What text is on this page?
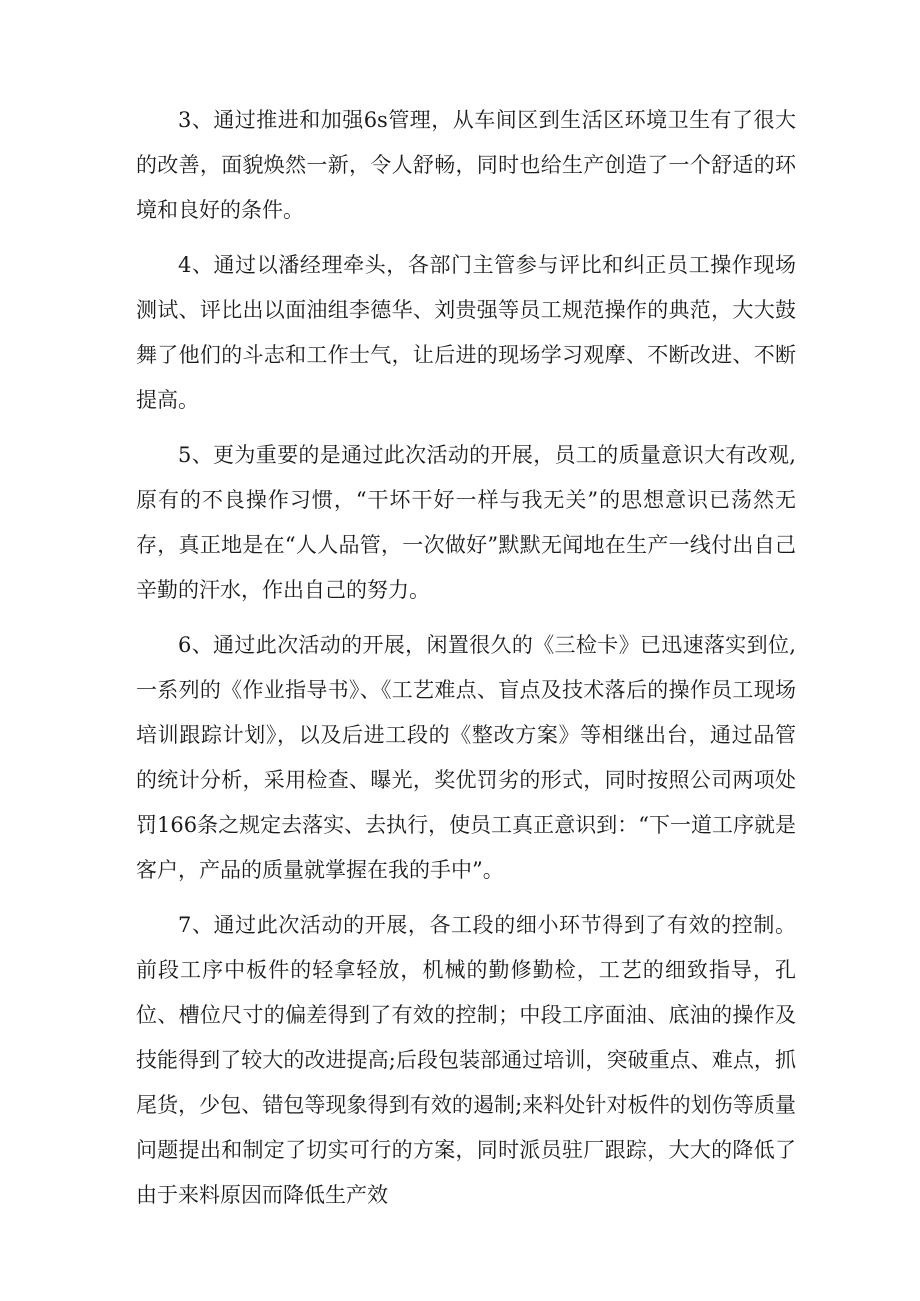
3、通过推进和加强6s管理，从车间区到生活区环境卫生有了很大的改善，面貌焕然一新，令人舒畅，同时也给生产创造了一个舒适的环境和良好的条件。

4、通过以潘经理牵头，各部门主管参与评比和纠正员工操作现场测试、评比出以面油组李德华、刘贵强等员工规范操作的典范，大大鼓舞了他们的斗志和工作士气，让后进的现场学习观摩、不断改进、不断提高。

5、更为重要的是通过此次活动的开展，员工的质量意识大有改观,原有的不良操作习惯，“干坏干好一样与我无关”的思想意识已荡然无存，真正地是在“人人品管，一次做好”默默无闻地在生产一线付出自己辛勤的汗水，作出自己的努力。

6、通过此次活动的开展，闲置很久的《三检卡》已迅速落实到位,一系列的《作业指导书》、《工艺难点、盲点及技术落后的操作员工现场培训跟踪计划》，以及后进工段的《整改方案》等相继出台，通过品管的统计分析，采用检查、曝光，奖优罚劣的形式，同时按照公司两项处罚166条之规定去落实、去执行，使员工真正意识到：“下一道工序就是客户，产品的质量就掌握在我的手中”。

7、通过此次活动的开展，各工段的细小环节得到了有效的控制。前段工序中板件的轻拿轻放，机械的勤修勤检，工艺的细致指导，孔位、槽位尺寸的偏差得到了有效的控制；中段工序面油、底油的操作及技能得到了较大的改进提高;后段包装部通过培训，突破重点、难点，抓尾货，少包、错包等现象得到有效的遏制;来料处针对板件的划伤等质量问题提出和制定了切实可行的方案，同时派员驻厂跟踪，大大的降低了由于来料原因而降低生产效
